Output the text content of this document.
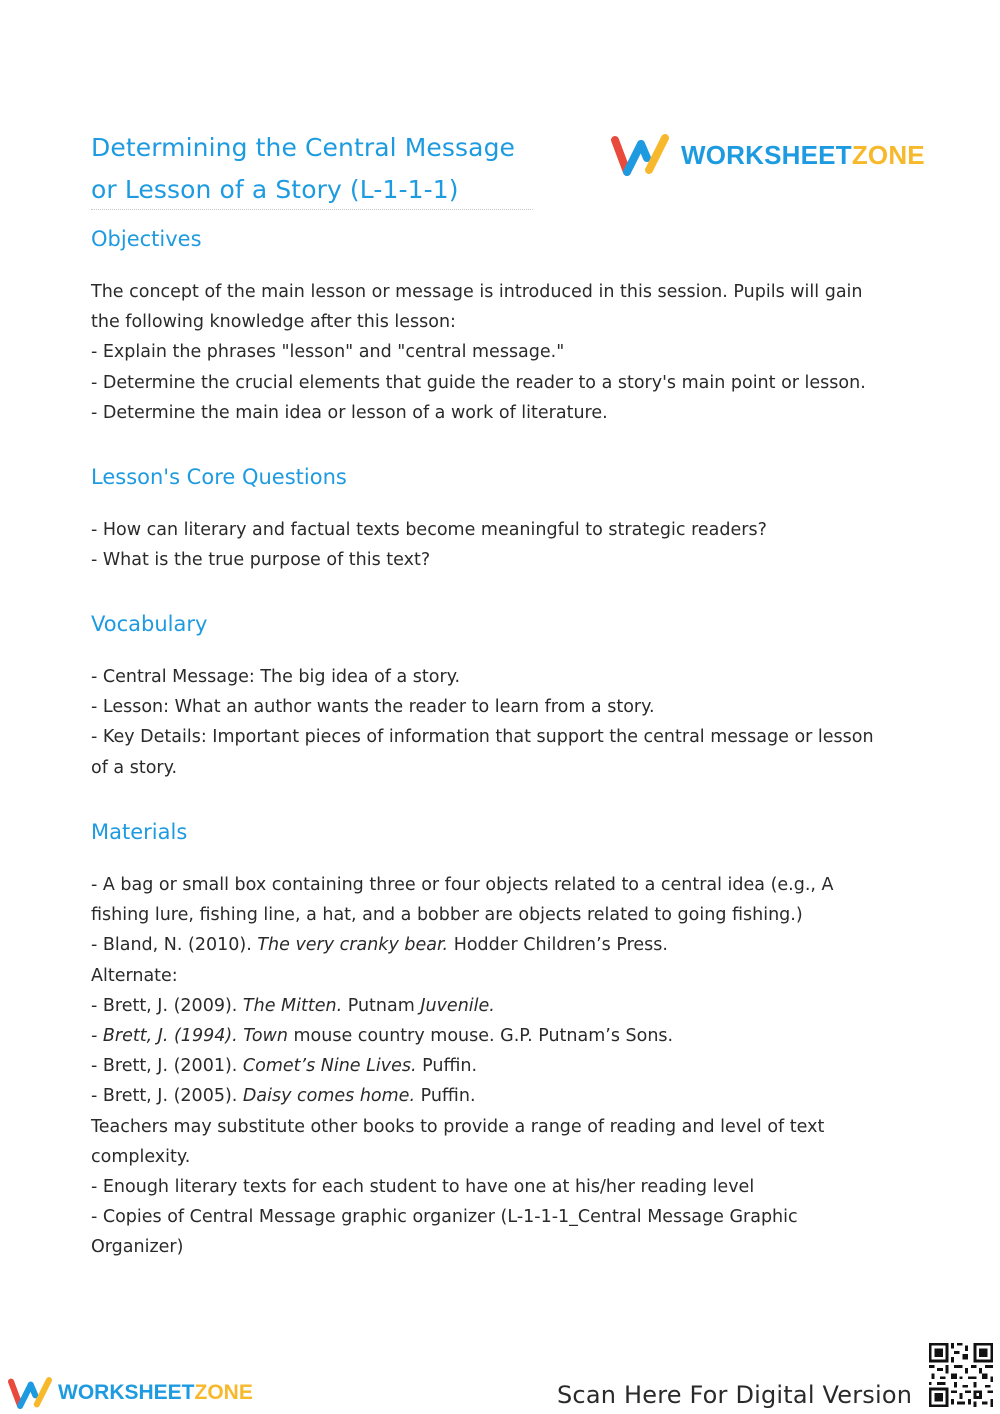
Determining the Central Message
or Lesson of a Story (L-1-1-1)
WORKSHEETZONE
Objectives
The concept of the main lesson or message is introduced in this session. Pupils will gain
the following knowledge after this lesson:
- Explain the phrases "lesson" and "central message."
- Determine the crucial elements that guide the reader to a story's main point or lesson.
- Determine the main idea or lesson of a work of literature.
Lesson's Core Questions
- How can literary and factual texts become meaningful to strategic readers?
- What is the true purpose of this text?
Vocabulary
- Central Message: The big idea of a story.
- Lesson: What an author wants the reader to learn from a story.
- Key Details: Important pieces of information that support the central message or lesson
of a story.
Materials
- A bag or small box containing three or four objects related to a central idea (e.g., A
fishing lure, fishing line, a hat, and a bobber are objects related to going fishing.)
- Bland, N. (2010). The very cranky bear. Hodder Children’s Press.
Alternate:
- Brett, J. (2009). The Mitten. Putnam Juvenile.
- Brett, J. (1994). Town mouse country mouse. G.P. Putnam’s Sons.
- Brett, J. (2001). Comet’s Nine Lives. Puffin.
- Brett, J. (2005). Daisy comes home. Puffin.
Teachers may substitute other books to provide a range of reading and level of text
complexity.
- Enough literary texts for each student to have one at his/her reading level
- Copies of Central Message graphic organizer (L-1-1-1_Central Message Graphic
Organizer)
WORKSHEETZONE	Scan Here For Digital Version
